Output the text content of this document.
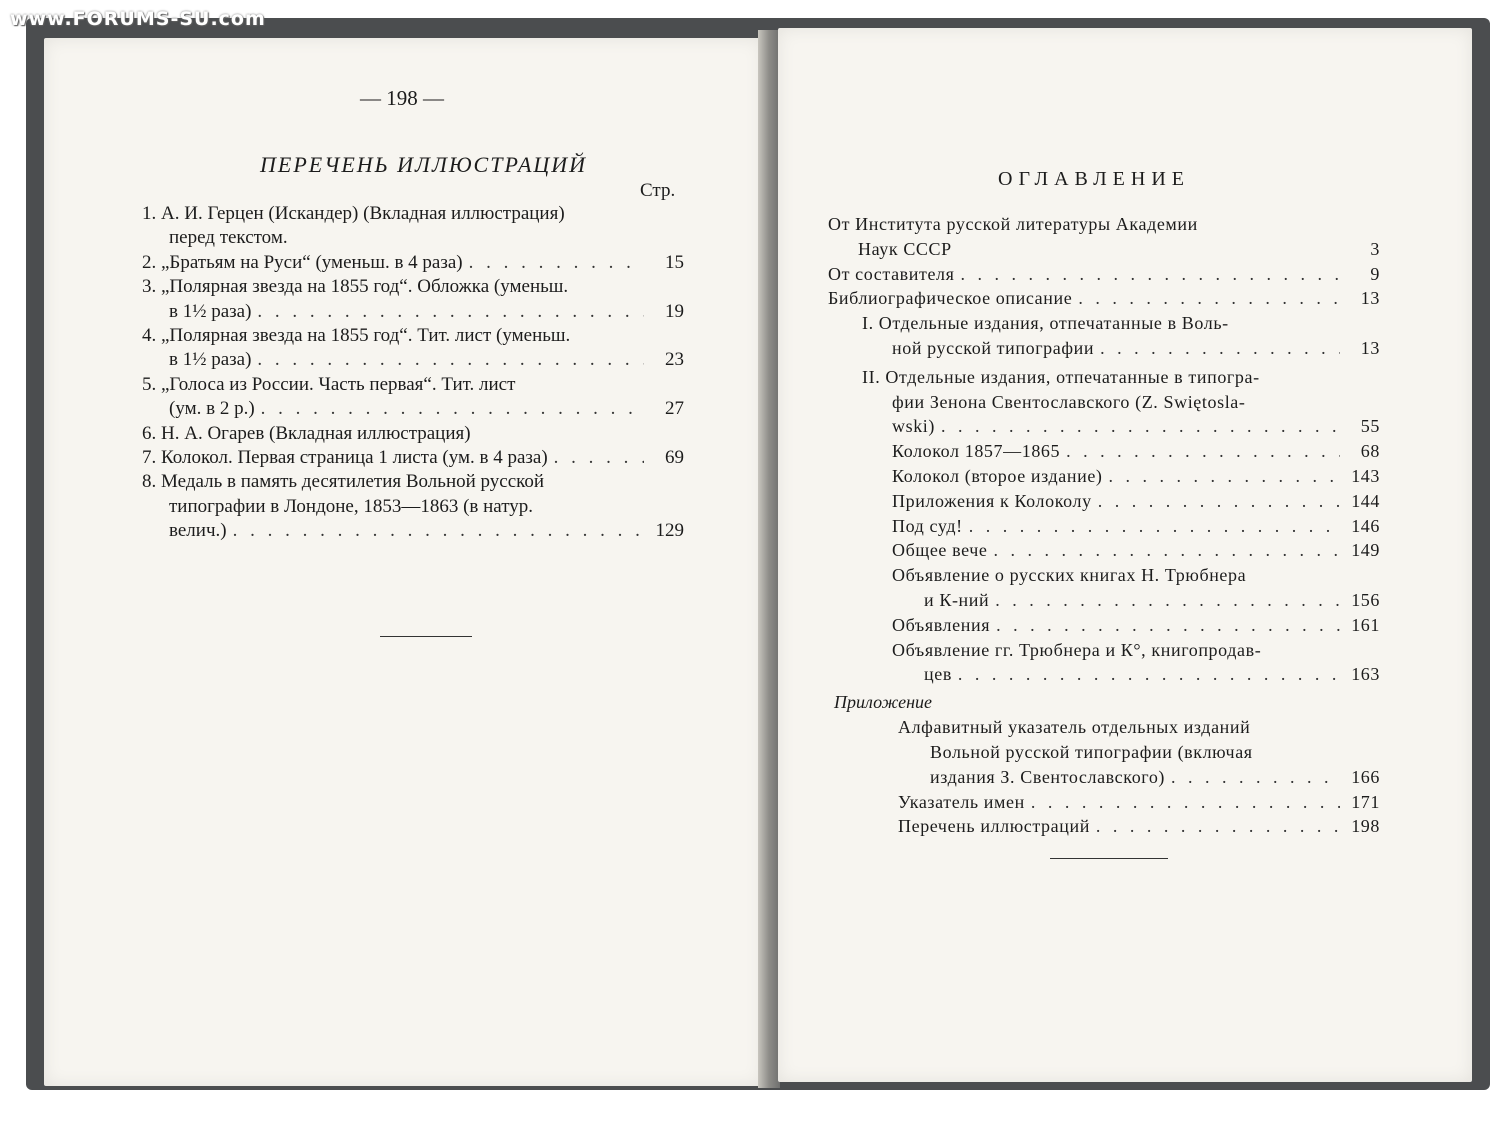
www.FORUMS-SU.com
— 198 —
ПЕРЕЧЕНЬ ИЛЛЮСТРАЦИЙ
Стр.
1. А. И. Герцен (Искандер) (Вкладная иллюстрация)
перед текстом.
2. „Братьям на Руси“ (уменьш. в 4 раза) . . .	15
3. „Полярная звезда на 1855 год“. Обложка (уменьш.
в 1½ раза) . . .	19
4. „Полярная звезда на 1855 год“. Тит. лист (уменьш.
в 1½ раза) . . .	23
5. „Голоса из России. Часть первая“. Тит. лист
(ум. в 2 р.) . . .	27
6. Н. А. Огарев (Вкладная иллюстрация)
7. Колокол. Первая страница 1 листа (ум. в 4 раза) . . .	69
8. Медаль в память десятилетия Вольной русской
типографии в Лондоне, 1853—1863 (в натур.
велич.) . . .	129
ОГЛАВЛЕНИЕ
От Института русской литературы Академии
Наук СССР	3
От составителя . . .	9
Библиографическое описание . . .	13
I. Отдельные издания, отпечатанные в Воль-
ной русской типографии . . .	13
II. Отдельные издания, отпечатанные в типогра-
фии Зенона Свентославского (Z. Swiętosla-
wski) . . .	55
Колокол 1857—1865 . . .	68
Колокол (второе издание) . . .	143
Приложения к Колоколу . . .	144
Под суд! . . .	146
Общее вече . . .	149
Объявление о русских книгах Н. Трюбнера
и К-ний . . .	156
Объявления . . .	161
Объявление гг. Трюбнера и К°, книгопродав-
цев . . .	163
Приложение
Алфавитный указатель отдельных изданий
Вольной русской типографии (включая
издания З. Свентославского) . . .	166
Указатель имен . . .	171
Перечень иллюстраций . . .	198
